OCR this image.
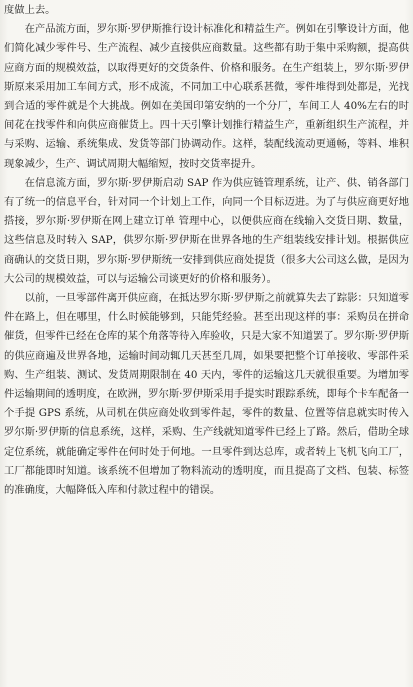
度做上去。

在产品流方面，罗尔斯·罗伊斯推行设计标准化和精益生产。例如在引擎设计方面，他们简化减少零件号、生产流程、减少直接供应商数量。这些都有助于集中采购额，提高供应商方面的规模效益，以取得更好的交货条件、价格和服务。在生产组装上，罗尔斯·罗伊斯原来采用加工车间方式，形不成流，不同加工中心联系甚微，零件堆得到处都是，光找到合适的零件就是个大挑战。例如在美国印第安纳的一个分厂，车间工人 40%左右的时间花在找零件和向供应商催货上。四十天引擎计划推行精益生产，重新组织生产流程，并与采购、运输、系统集成、发货等部门协调动作。这样，装配线流动更通畅，等料、堆积现象减少，生产、调试周期大幅缩短，按时交货率提升。

在信息流方面，罗尔斯·罗伊斯启动 SAP 作为供应链管理系统，让产、供、销各部门有了统一的信息平台，针对同一个计划上工作，向同一个目标迈进。为了与供应商更好地搭接，罗尔斯·罗伊斯在网上建立订单 管理中心，以便供应商在线输入交货日期、数量，这些信息及时转入 SAP，供罗尔斯·罗伊斯在世界各地的生产组装线安排计划。根据供应商确认的交货日期，罗尔斯·罗伊斯统一安排到供应商处提货（很多大公司这么做，是因为大公司的规模效益，可以与运输公司谈更好的价格和服务）。

以前，一旦零部件离开供应商，在抵达罗尔斯·罗伊斯之前就算失去了踪影：只知道零件在路上，但在哪里，什么时候能够到，只能凭经验。甚至出现这样的事：采购员在拼命催货，但零件已经在仓库的某个角落等待入库验收，只是大家不知道罢了。罗尔斯·罗伊斯的供应商遍及世界各地，运输时间动辄几天甚至几周，如果要把整个订单接收、零部件采购、生产组装、测试、发货周期限制在 40 天内，零件的运输这几天就很重要。为增加零件运输期间的透明度，在欧洲，罗尔斯·罗伊斯采用手提实时跟踪系统，即每个卡车配备一个手提 GPS 系统，从司机在供应商处收到零件起，零件的数量、位置等信息就实时传入罗尔斯·罗伊斯的信息系统，这样，采购、生产线就知道零件已经上了路。然后，借助全球定位系统，就能确定零件在何时处于何地。一旦零件到达总库，或者转上飞机飞向工厂，工厂都能即时知道。该系统不但增加了物料流动的透明度，而且提高了文档、包装、标签的准确度，大幅降低入库和付款过程中的错误。
